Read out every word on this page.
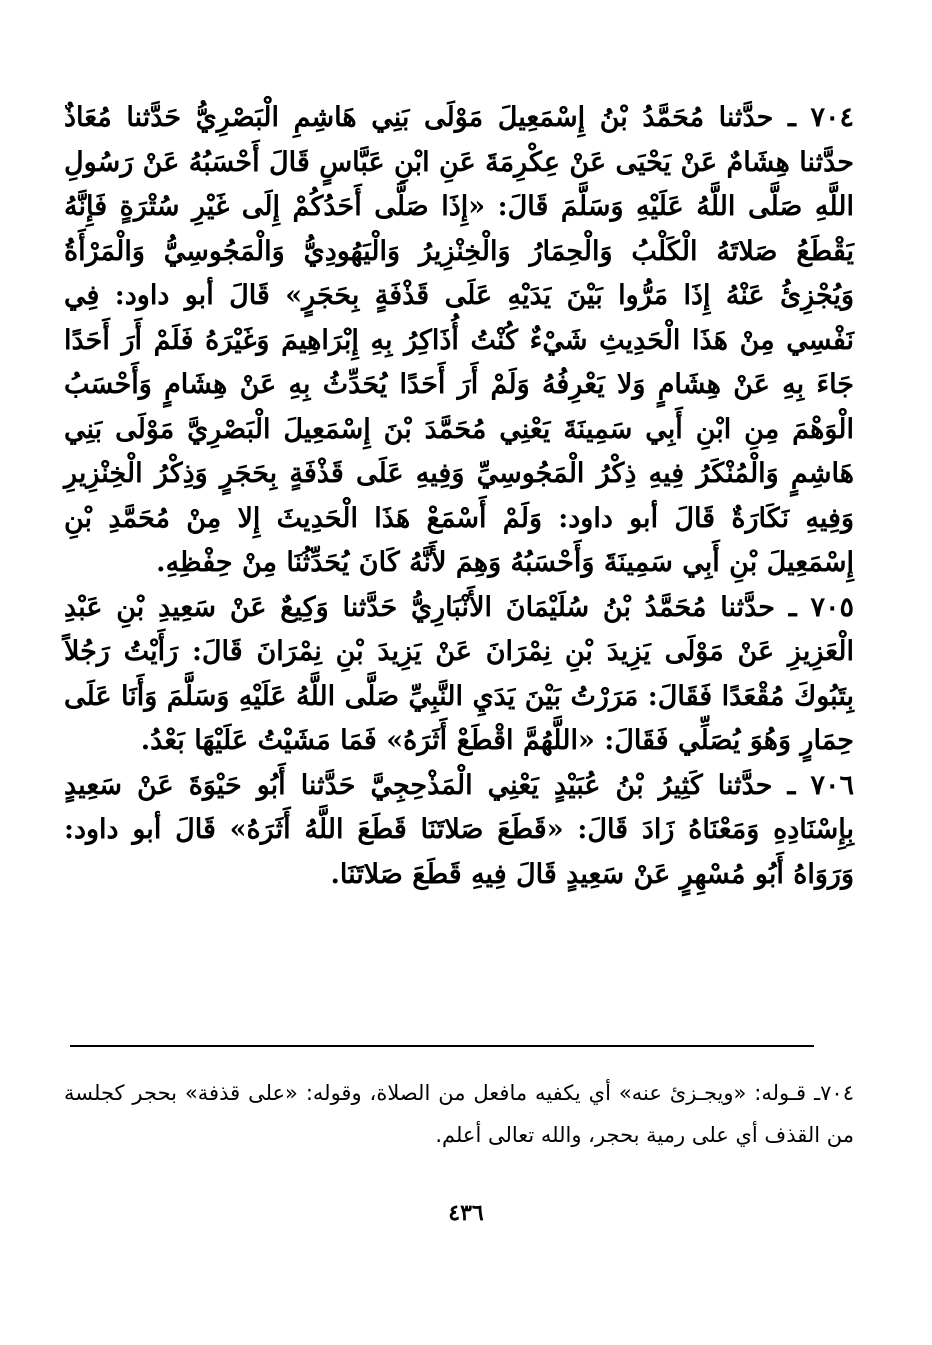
٧٠٤ ـ حدَّثنا مُحَمَّدُ بْنُ إِسْمَعِيلَ مَوْلَى بَنِي هَاشِمِ الْبَصْرِيُّ حَدَّثنا مُعَاذٌ حدَّثنا هِشَامٌ عَنْ يَحْيَى عَنْ عِكْرِمَةَ عَنِ ابْنِ عَبَّاسٍ قَالَ أَحْسَبُهُ عَنْ رَسُولِ اللَّهِ صَلَّى اللَّهُ عَلَيْهِ وَسَلَّمَ قَالَ: «إِذَا صَلَّى أَحَدُكُمْ إِلَى غَيْرِ سُتْرَةٍ فَإِنَّهُ يَقْطَعُ صَلاتَهُ الْكَلْبُ وَالْحِمَارُ وَالْخِنْزِيرُ وَالْيَهُودِيُّ وَالْمَجُوسِيُّ وَالْمَرْأَةُ وَيُجْزِئُ عَنْهُ إِذَا مَرُّوا بَيْنَ يَدَيْهِ عَلَى قَذْفَةٍ بِحَجَرٍ» قَالَ أبو داود: فِي نَفْسِي مِنْ هَذَا الْحَدِيثِ شَيْءٌ كُنْتُ أُذَاكِرُ بِهِ إِبْرَاهِيمَ وَغَيْرَهُ فَلَمْ أَرَ أَحَدًا جَاءَ بِهِ عَنْ هِشَامٍ وَلا يَعْرِفُهُ وَلَمْ أَرَ أَحَدًا يُحَدِّثُ بِهِ عَنْ هِشَامٍ وَأَحْسَبُ الْوَهْمَ مِنِ ابْنِ أَبِي سَمِينَةَ يَعْنِي مُحَمَّدَ بْنَ إِسْمَعِيلَ الْبَصْرِيَّ مَوْلَى بَنِي هَاشِمٍ وَالْمُنْكَرُ فِيهِ ذِكْرُ الْمَجُوسِيِّ وَفِيهِ عَلَى قَذْفَةٍ بِحَجَرٍ وَذِكْرُ الْخِنْزِيرِ وَفِيهِ نَكَارَةٌ قَالَ أبو داود: وَلَمْ أَسْمَعْ هَذَا الْحَدِيثَ إِلا مِنْ مُحَمَّدِ بْنِ إِسْمَعِيلَ بْنِ أَبِي سَمِينَةَ وَأَحْسَبُهُ وَهِمَ لأَنَّهُ كَانَ يُحَدِّثُنَا مِنْ حِفْظِهِ.

٧٠٥ ـ حدَّثنا مُحَمَّدُ بْنُ سُلَيْمَانَ الأَنْبَارِيُّ حَدَّثنا وَكِيعٌ عَنْ سَعِيدِ بْنِ عَبْدِ الْعَزِيزِ عَنْ مَوْلَى يَزِيدَ بْنِ نِمْرَانَ عَنْ يَزِيدَ بْنِ نِمْرَانَ قَالَ: رَأَيْتُ رَجُلاً بِتَبُوكَ مُقْعَدًا فَقَالَ: مَرَرْتُ بَيْنَ يَدَيِ النَّبِيِّ صَلَّى اللَّهُ عَلَيْهِ وَسَلَّمَ وَأَنَا عَلَى حِمَارٍ وَهُوَ يُصَلِّي فَقَالَ: «اللَّهُمَّ اقْطَعْ أَثَرَهُ» فَمَا مَشَيْتُ عَلَيْهَا بَعْدُ.

٧٠٦ ـ حدَّثنا كَثِيرُ بْنُ عُبَيْدٍ يَعْنِي الْمَذْحِجِيَّ حَدَّثنا أَبُو حَيْوَةَ عَنْ سَعِيدٍ بِإِسْنَادِهِ وَمَعْنَاهُ زَادَ قَالَ: «قَطَعَ صَلاتَنَا قَطَعَ اللَّهُ أَثَرَهُ» قَالَ أبو داود: وَرَوَاهُ أَبُو مُسْهِرٍ عَنْ سَعِيدٍ قَالَ فِيهِ قَطَعَ صَلاتَنَا.

٧٠٤ـ قـوله: «ويجـزئ عنه» أي يكفيه مافعل من الصلاة، وقوله: «على قذفة» بحجر كجلسة من القذف أي على رمية بحجر، والله تعالى أعلم.

٤٣٦
